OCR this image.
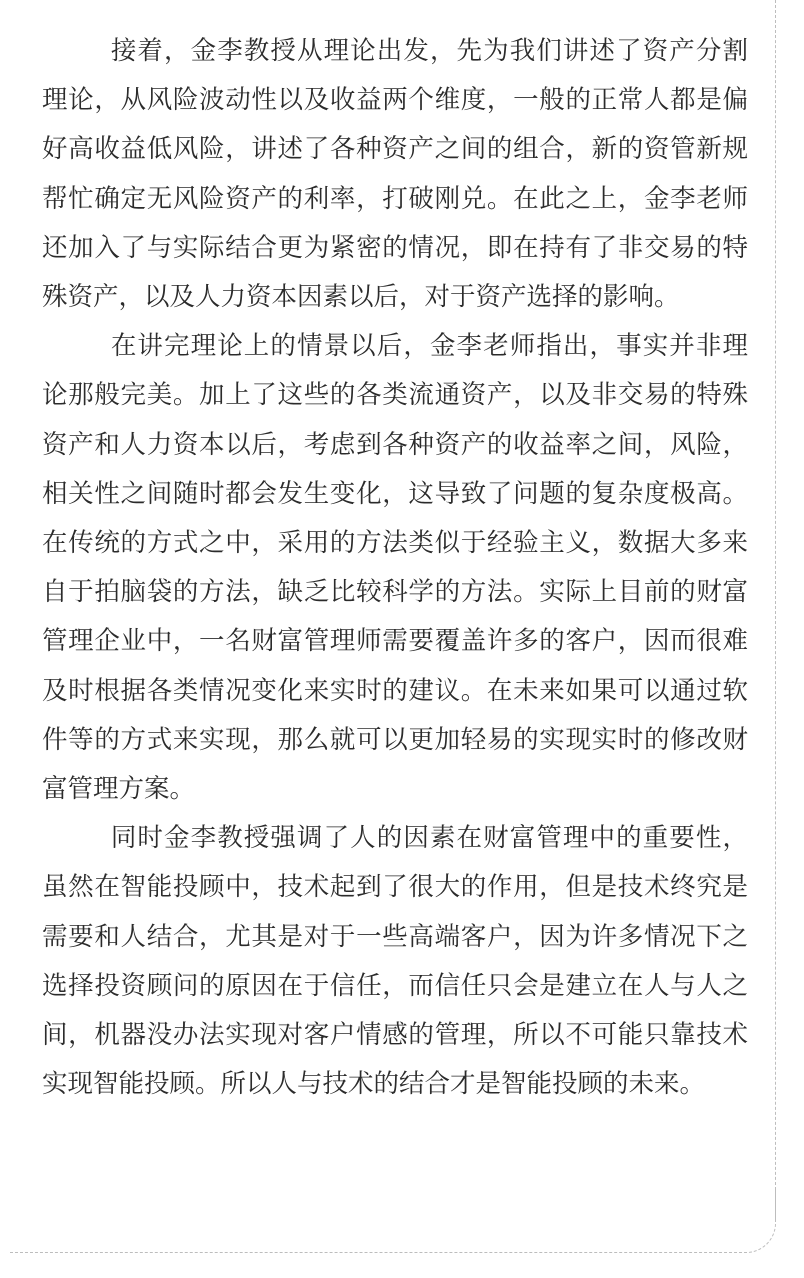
接着，金李教授从理论出发，先为我们讲述了资产分割理论，从风险波动性以及收益两个维度，一般的正常人都是偏好高收益低风险，讲述了各种资产之间的组合，新的资管新规帮忙确定无风险资产的利率，打破刚兑。在此之上，金李老师还加入了与实际结合更为紧密的情况，即在持有了非交易的特殊资产，以及人力资本因素以后，对于资产选择的影响。

在讲完理论上的情景以后，金李老师指出，事实并非理论那般完美。加上了这些的各类流通资产，以及非交易的特殊资产和人力资本以后，考虑到各种资产的收益率之间，风险，相关性之间随时都会发生变化，这导致了问题的复杂度极高。在传统的方式之中，采用的方法类似于经验主义，数据大多来自于拍脑袋的方法，缺乏比较科学的方法。实际上目前的财富管理企业中，一名财富管理师需要覆盖许多的客户，因而很难及时根据各类情况变化来实时的建议。在未来如果可以通过软件等的方式来实现，那么就可以更加轻易的实现实时的修改财富管理方案。

同时金李教授强调了人的因素在财富管理中的重要性，虽然在智能投顾中，技术起到了很大的作用，但是技术终究是需要和人结合，尤其是对于一些高端客户，因为许多情况下之选择投资顾问的原因在于信任，而信任只会是建立在人与人之间，机器没办法实现对客户情感的管理，所以不可能只靠技术实现智能投顾。所以人与技术的结合才是智能投顾的未来。
